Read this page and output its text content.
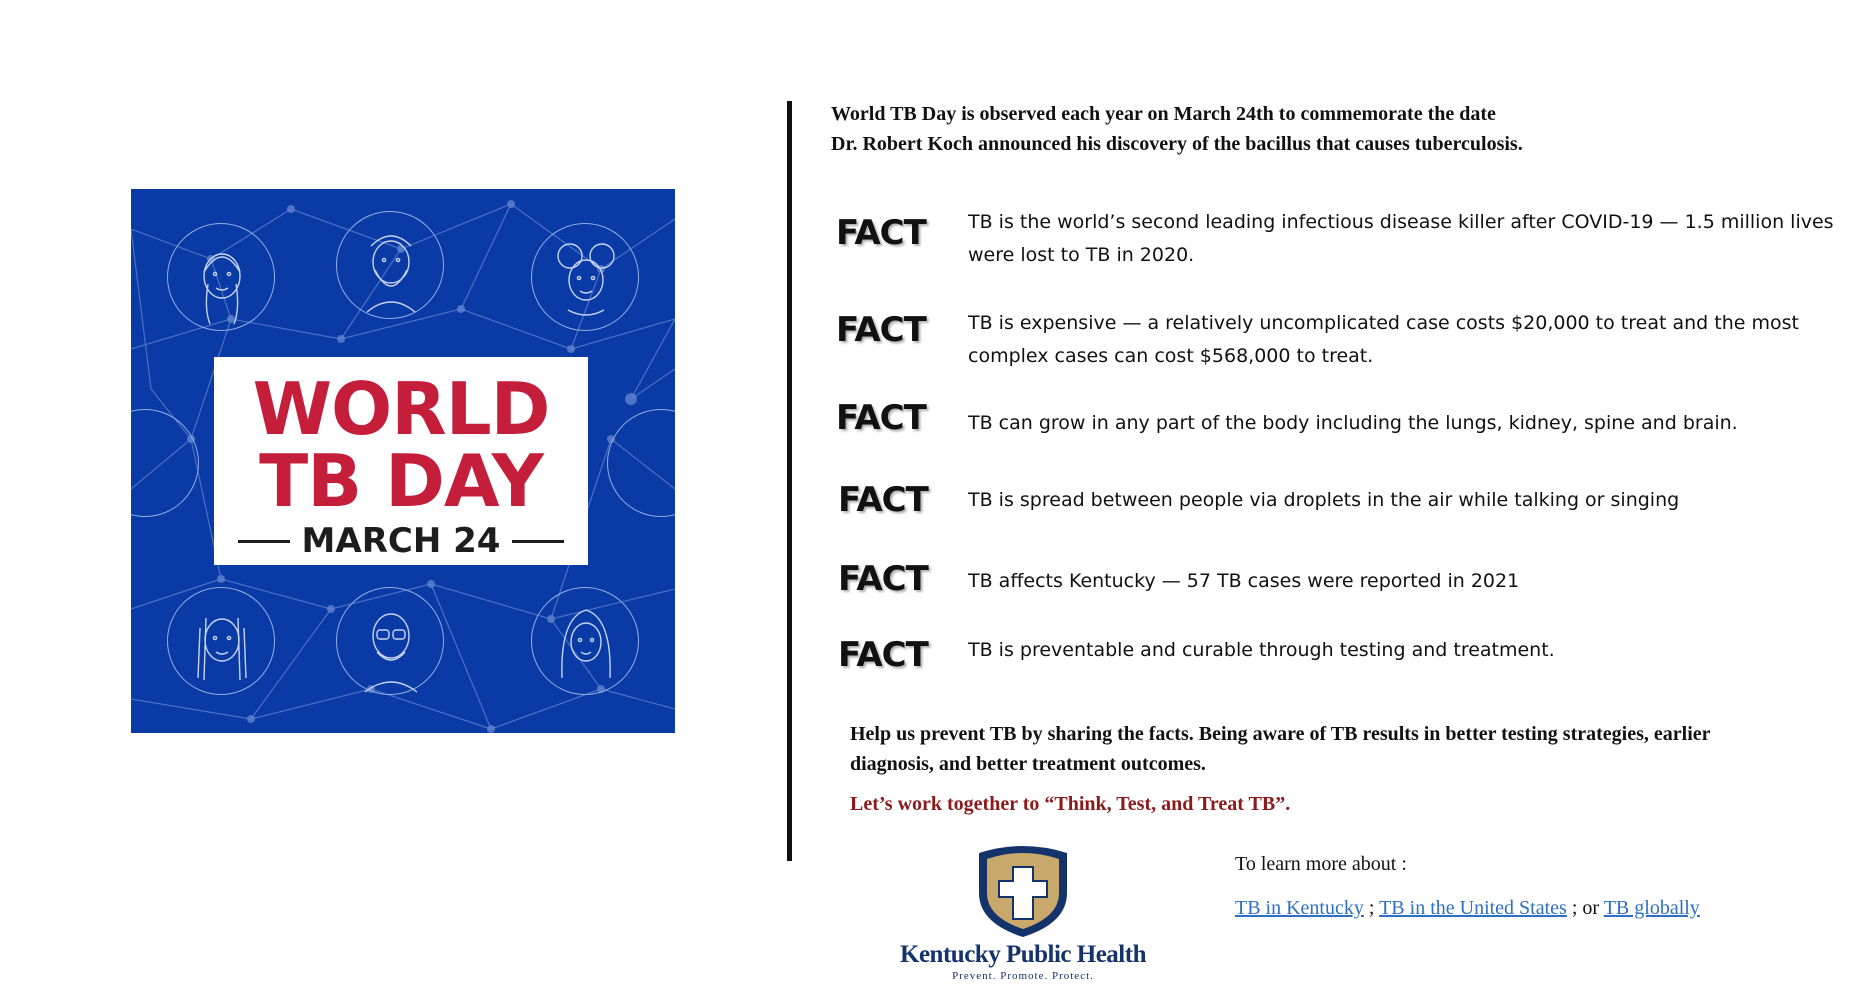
WORLD
TB DAY
MARCH 24
World TB Day is observed each year on March 24th to commemorate the date
Dr. Robert Koch announced his discovery of the bacillus that causes tuberculosis.
FACT TB is the world’s second leading infectious disease killer after COVID-19 — 1.5 million lives were lost to TB in 2020.
FACT TB is expensive — a relatively uncomplicated case costs $20,000 to treat and the most complex cases can cost $568,000 to treat.
FACT TB can grow in any part of the body including the lungs, kidney, spine and brain.
FACT TB is spread between people via droplets in the air while talking or singing
FACT TB affects Kentucky — 57 TB cases were reported in 2021
FACT TB is preventable and curable through testing and treatment.
Help us prevent TB by sharing the facts. Being aware of TB results in better testing strategies, earlier diagnosis, and better treatment outcomes.
Let’s work together to “Think, Test, and Treat TB”.
Kentucky Public Health
Prevent. Promote. Protect.
To learn more about :
TB in Kentucky ; TB in the United States ; or TB globally
